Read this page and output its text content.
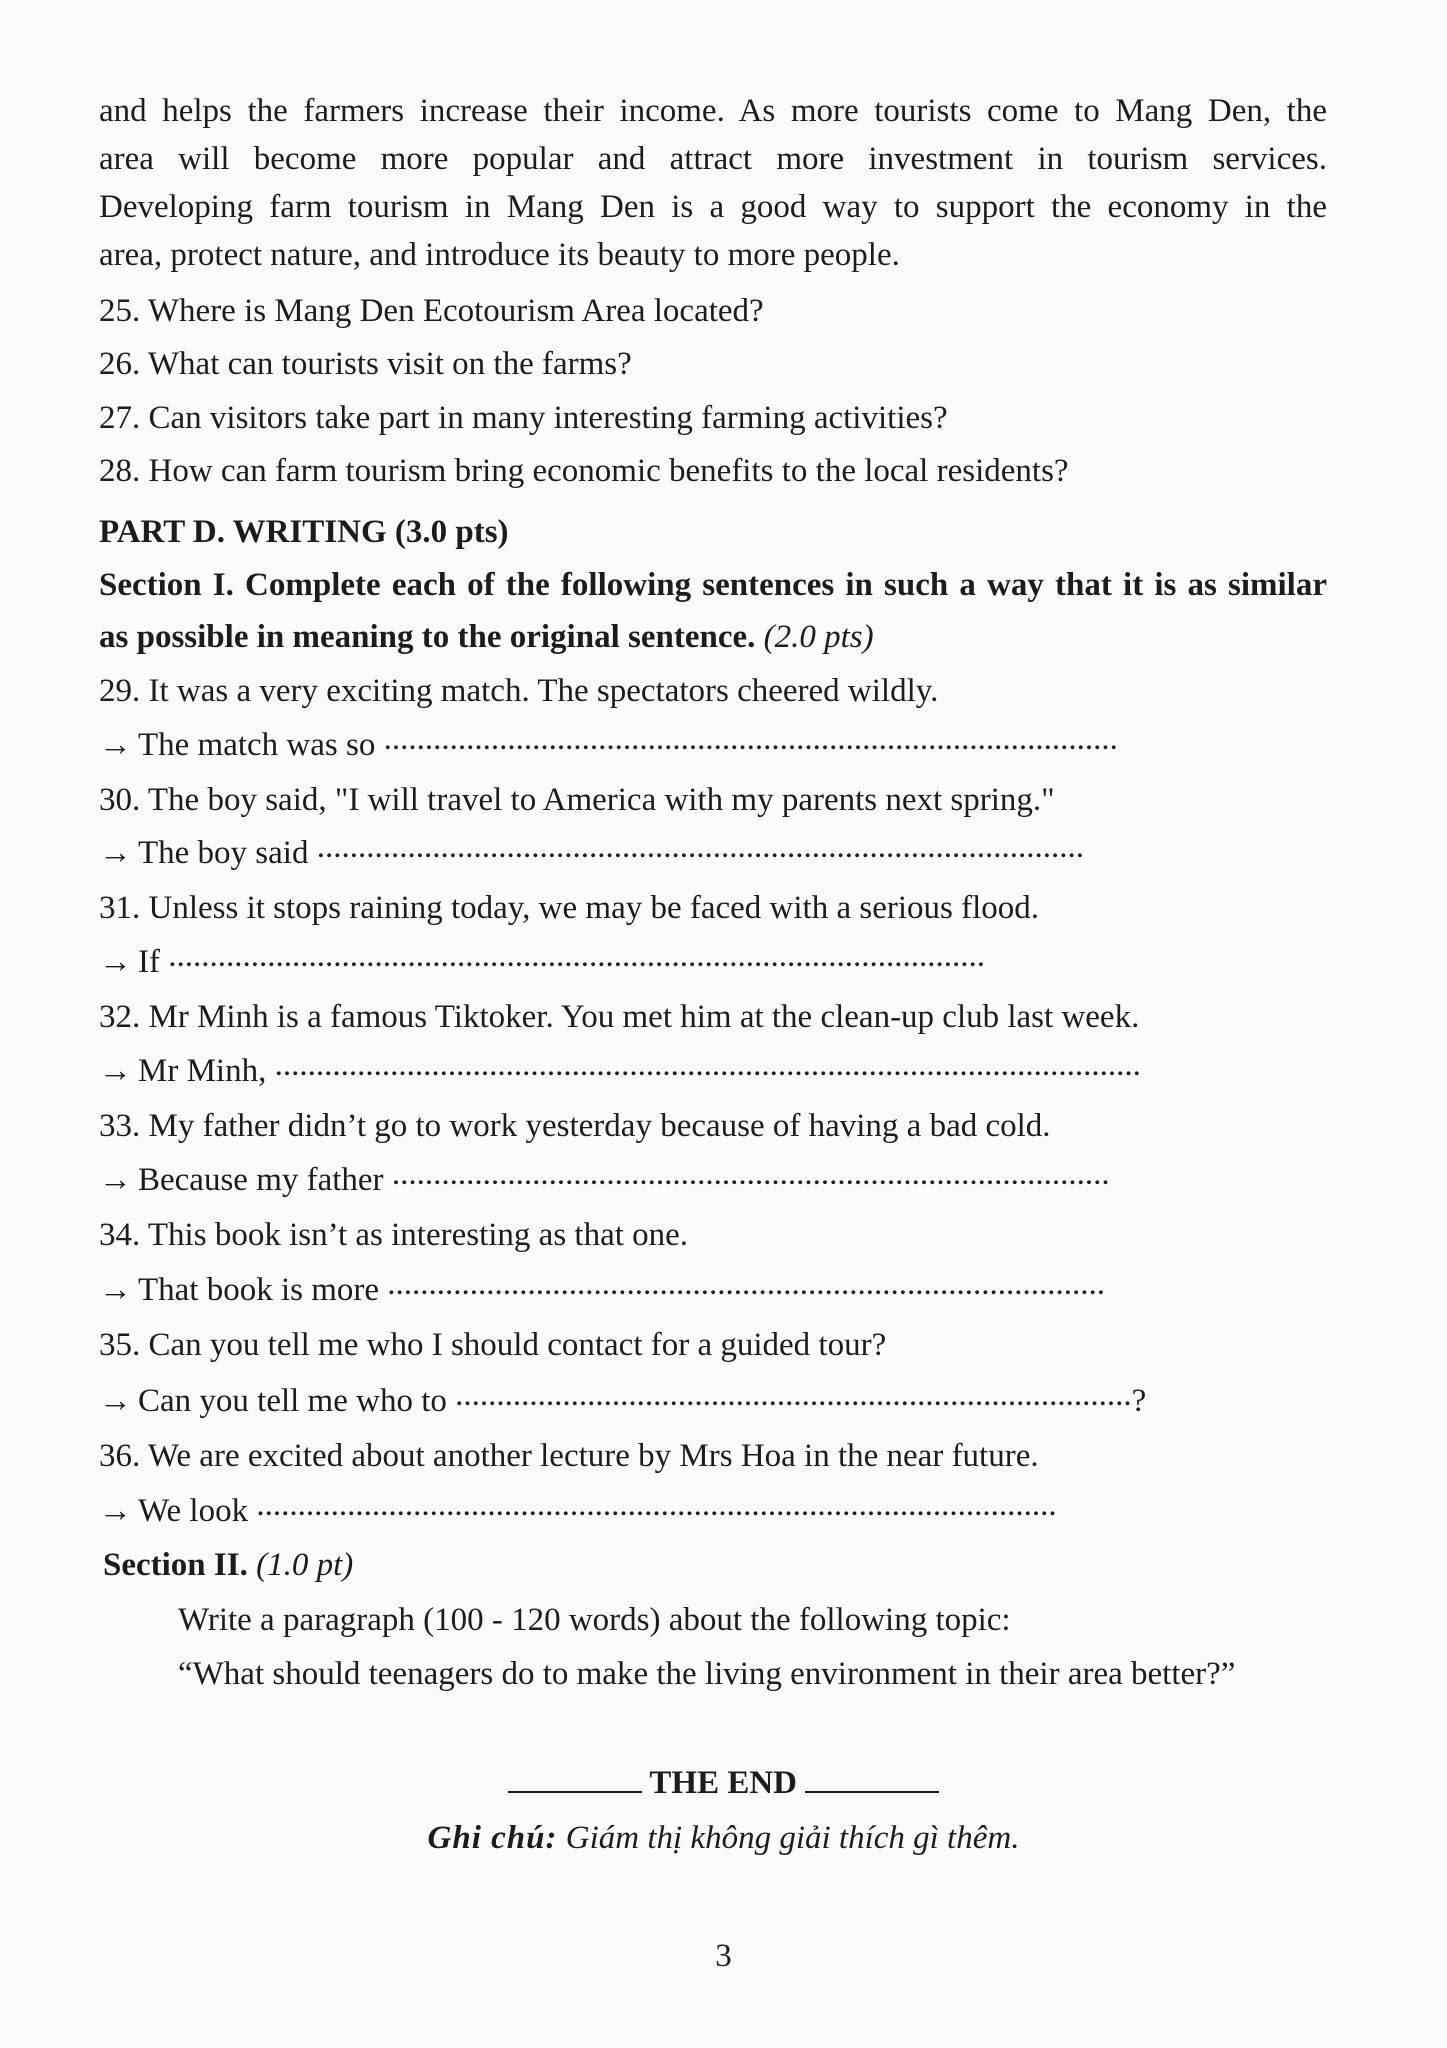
and helps the farmers increase their income. As more tourists come to Mang Den, the
area will become more popular and attract more investment in tourism services.
Developing farm tourism in Mang Den is a good way to support the economy in the
area, protect nature, and introduce its beauty to more people.
25. Where is Mang Den Ecotourism Area located?
26. What can tourists visit on the farms?
27. Can visitors take part in many interesting farming activities?
28. How can farm tourism bring economic benefits to the local residents?
PART D. WRITING (3.0 pts)
Section I. Complete each of the following sentences in such a way that it is as similar
as possible in meaning to the original sentence. (2.0 pts)
29. It was a very exciting match. The spectators cheered wildly.
→ The match was so .........................................................................................
30. The boy said, "I will travel to America with my parents next spring."
→ The boy said .............................................................................................
31. Unless it stops raining today, we may be faced with a serious flood.
→ If ...................................................................................................
32. Mr Minh is a famous Tiktoker. You met him at the clean-up club last week.
→ Mr Minh, .........................................................................................................
33. My father didn’t go to work yesterday because of having a bad cold.
→ Because my father .......................................................................................
34. This book isn’t as interesting as that one.
→ That book is more .......................................................................................
35. Can you tell me who I should contact for a guided tour?
→ Can you tell me who to ..................................................................................?
36. We are excited about another lecture by Mrs Hoa in the near future.
→ We look .................................................................................................
Section II. (1.0 pt)
Write a paragraph (100 - 120 words) about the following topic:
“What should teenagers do to make the living environment in their area better?”
THE END
Ghi chú: Giám thị không giải thích gì thêm.
3
